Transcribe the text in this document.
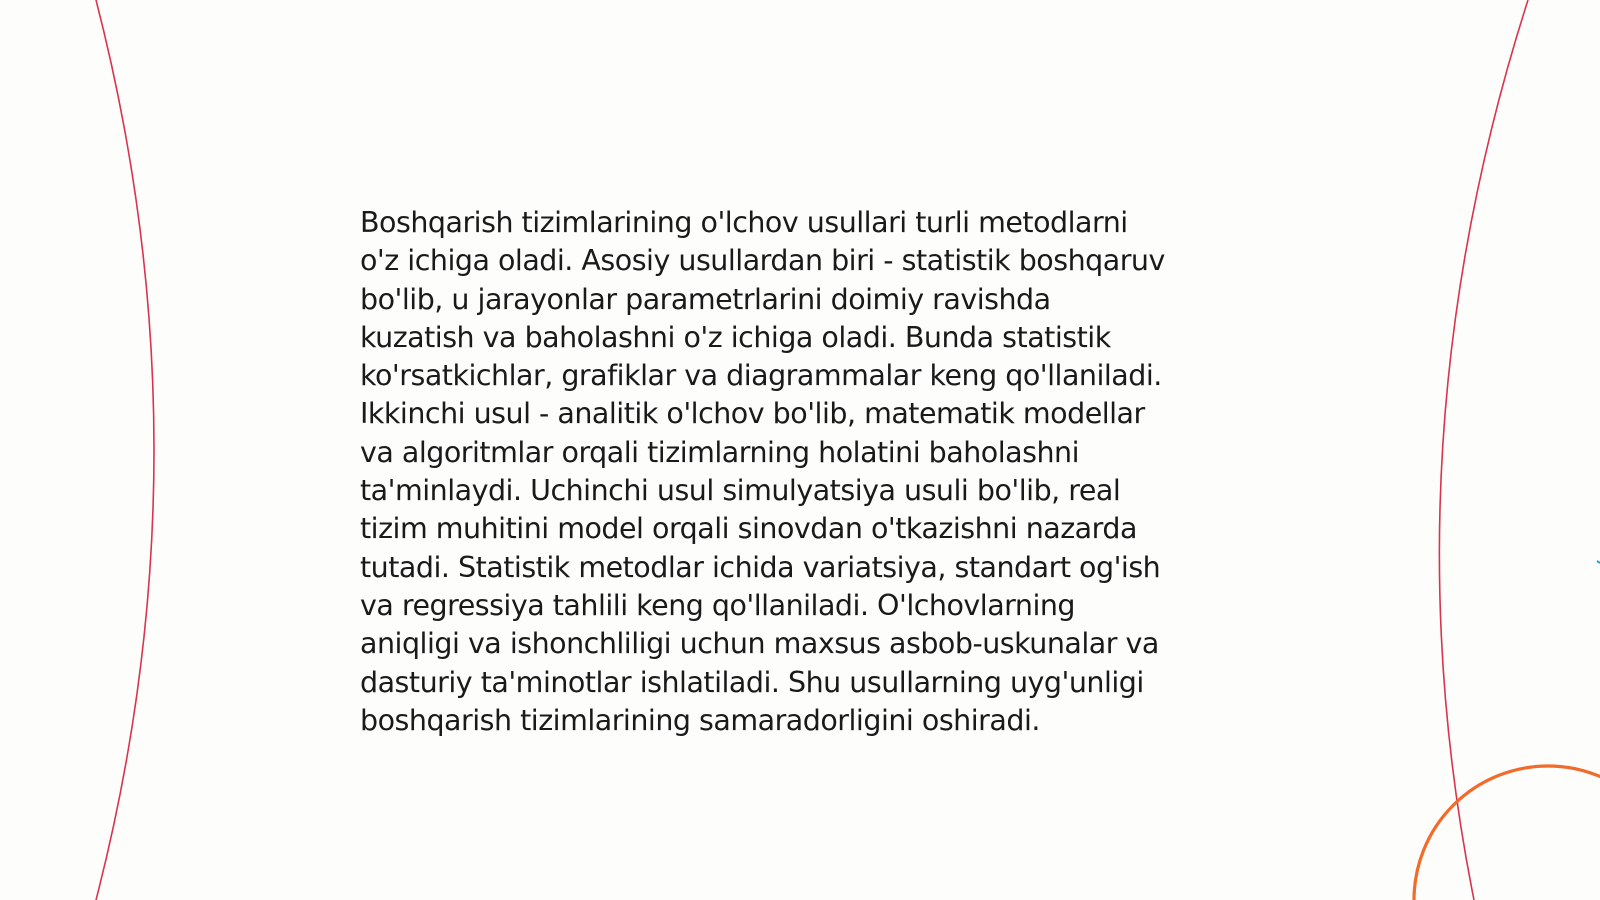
Boshqarish tizimlarining o'lchov usullari turli metodlarni
o'z ichiga oladi. Asosiy usullardan biri - statistik boshqaruv
bo'lib, u jarayonlar parametrlarini doimiy ravishda
kuzatish va baholashni o'z ichiga oladi. Bunda statistik
ko'rsatkichlar, grafiklar va diagrammalar keng qo'llaniladi.
Ikkinchi usul - analitik o'lchov bo'lib, matematik modellar
va algoritmlar orqali tizimlarning holatini baholashni
ta'minlaydi. Uchinchi usul simulyatsiya usuli bo'lib, real
tizim muhitini model orqali sinovdan o'tkazishni nazarda
tutadi. Statistik metodlar ichida variatsiya, standart og'ish
va regressiya tahlili keng qo'llaniladi. O'lchovlarning
aniqligi va ishonchliligi uchun maxsus asbob-uskunalar va
dasturiy ta'minotlar ishlatiladi. Shu usullarning uyg'unligi
boshqarish tizimlarining samaradorligini oshiradi.
